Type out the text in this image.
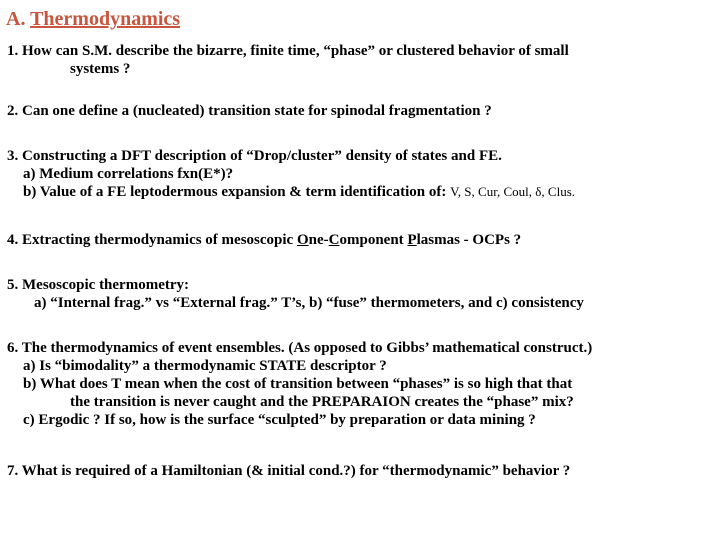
A. Thermodynamics
1. How can S.M. describe the bizarre, finite time, “phase” or clustered behavior of small
systems ?
2. Can one define a (nucleated) transition state for spinodal fragmentation ?
3. Constructing a DFT description of “Drop/cluster” density of states and FE.
a) Medium correlations fxn(E*)?
b) Value of a FE leptodermous expansion & term identification of: V, S, Cur, Coul, δ, Clus.
4. Extracting thermodynamics of mesoscopic One-Component Plasmas - OCPs ?
5. Mesoscopic thermometry:
a) “Internal frag.” vs “External frag.” T’s, b) “fuse” thermometers, and c) consistency
6. The thermodynamics of event ensembles. (As opposed to Gibbs’ mathematical construct.)
a) Is “bimodality” a thermodynamic STATE descriptor ?
b) What does T mean when the cost of transition between “phases” is so high that that
the transition is never caught and the PREPARAION creates the “phase” mix?
c) Ergodic ? If so, how is the surface “sculpted” by preparation or data mining ?
7. What is required of a Hamiltonian (& initial cond.?) for “thermodynamic” behavior ?
